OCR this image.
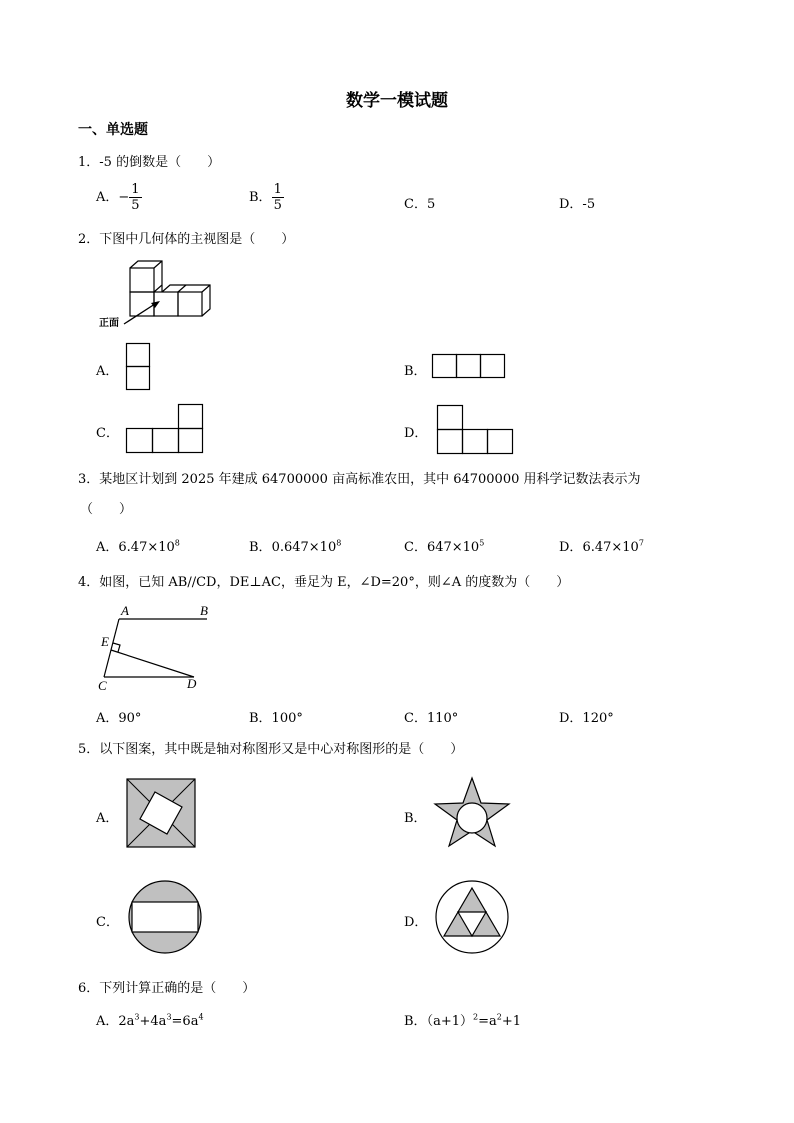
数学一模试题
一、单选题
1．-5 的倒数是（　　）
A．− $\frac{1}{5}$	B． $\frac{1}{5}$	C．5	D．-5
2．下图中几何体的主视图是（　　）
正面
A．	B．
C．	D．
3．某地区计划到 2025 年建成 64700000 亩高标准农田，其中 64700000 用科学记数法表示为
（　　）
A．$6.47\times 10^8$	B．$0.647\times 10^8$	C．$647\times 10^5$	D．$6.47\times 10^7$
4．如图，已知 AB//CD，DE⊥AC，垂足为 E，∠D=20°，则∠A 的度数为（　　）
A	B
E
C	D
A．90°	B．100°	C．110°	D．120°
5．以下图案，其中既是轴对称图形又是中心对称图形的是（　　）
A．	B．
C．	D．
6．下列计算正确的是（　　）
A．$2a^3+4a^3=6a^4$	B．$(a+1)^2=a^2+1$
